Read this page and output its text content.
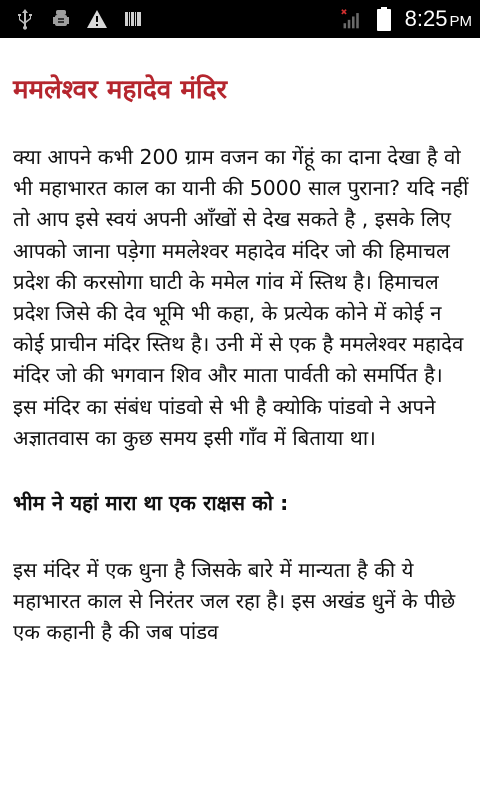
8:25 PM
ममलेश्वर महादेव मंदिर

क्या आपने कभी 200 ग्राम वजन का गेंहूं का दाना देखा है वो भी महाभारत काल का यानी की 5000 साल पुराना? यदि नहीं तो आप इसे स्वयं अपनी आँखों से देख सकते है , इसके लिए आपको जाना पड़ेगा ममलेश्वर महादेव मंदिर जो की हिमाचल प्रदेश की करसोगा घाटी के ममेल गांव में स्तिथ है। हिमाचल प्रदेश जिसे की देव भूमि भी कहा, के प्रत्येक कोने में कोई न कोई प्राचीन मंदिर स्तिथ है। उनी में से एक है ममलेश्वर महादेव मंदिर जो की भगवान शिव और माता पार्वती को समर्पित है। इस मंदिर का संबंध पांडवो से भी है क्योकि पांडवो ने अपने अज्ञातवास का कुछ समय इसी गाँव में बिताया था।

भीम ने यहां मारा था एक राक्षस को :

इस मंदिर में एक धुना है जिसके बारे में मान्यता है की ये महाभारत काल से निरंतर जल रहा है। इस अखंड धुनें के पीछे एक कहानी है की जब पांडव
